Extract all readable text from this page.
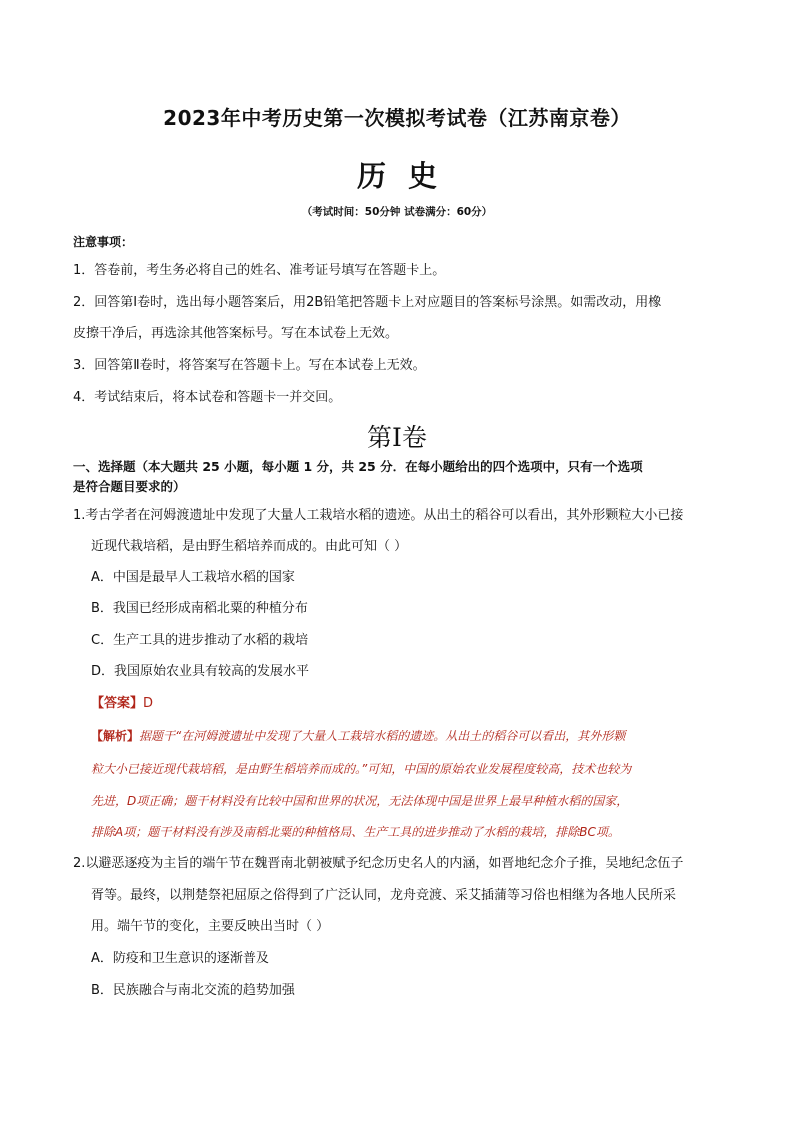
2023年中考历史第一次模拟考试卷（江苏南京卷）
历史
（考试时间：50分钟 试卷满分：60分）
注意事项：
1．答卷前，考生务必将自己的姓名、准考证号填写在答题卡上。
2．回答第Ⅰ卷时，选出每小题答案后，用2B铅笔把答题卡上对应题目的答案标号涂黑。如需改动，用橡
皮擦干净后，再选涂其他答案标号。写在本试卷上无效。
3．回答第Ⅱ卷时，将答案写在答题卡上。写在本试卷上无效。
4．考试结束后，将本试卷和答题卡一并交回。
第Ⅰ卷
一、选择题（本大题共 25 小题，每小题 1 分，共 25 分．在每小题给出的四个选项中，只有一个选项
是符合题目要求的）
1.考古学者在河姆渡遗址中发现了大量人工栽培水稻的遗迹。从出土的稻谷可以看出，其外形颗粒大小已接
近现代栽培稻，是由野生稻培养而成的。由此可知（ ）
A．中国是最早人工栽培水稻的国家
B．我国已经形成南稻北粟的种植分布
C．生产工具的进步推动了水稻的栽培
D．我国原始农业具有较高的发展水平
【答案】D
【解析】据题干“在河姆渡遗址中发现了大量人工栽培水稻的遗迹。从出土的稻谷可以看出，其外形颗
粒大小已接近现代栽培稻，是由野生稻培养而成的。”可知，中国的原始农业发展程度较高，技术也较为
先进，D项正确；题干材料没有比较中国和世界的状况，无法体现中国是世界上最早种植水稻的国家，
排除A项；题干材料没有涉及南稻北粟的种植格局、生产工具的进步推动了水稻的栽培，排除BC项。
2.以避恶逐疫为主旨的端午节在魏晋南北朝被赋予纪念历史名人的内涵，如晋地纪念介子推，吴地纪念伍子
胥等。最终，以荆楚祭祀屈原之俗得到了广泛认同，龙舟竞渡、采艾插蒲等习俗也相继为各地人民所采
用。端午节的变化，主要反映出当时（ ）
A．防疫和卫生意识的逐渐普及
B．民族融合与南北交流的趋势加强
